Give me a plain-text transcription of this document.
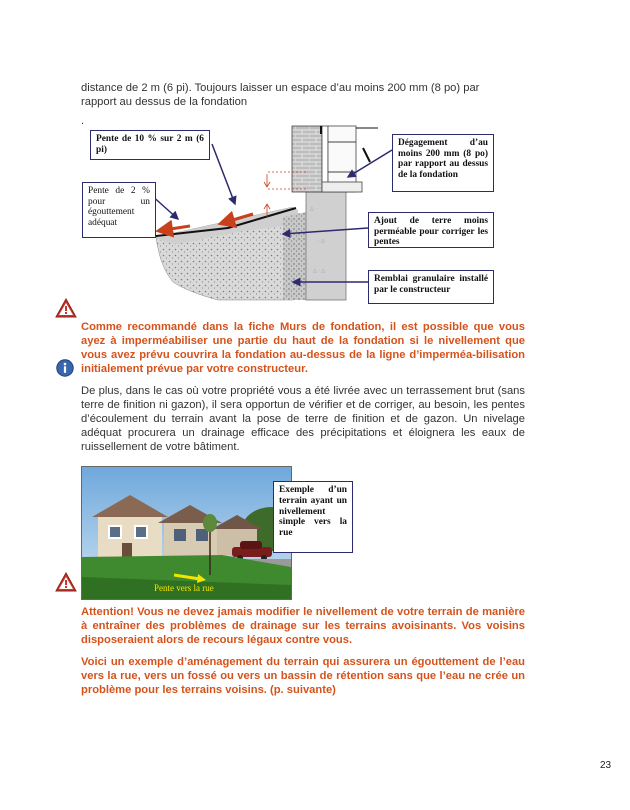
distance de 2 m (6 pi). Toujours laisser un espace d’au moins 200 mm (8 po) par
rapport au dessus de la fondation
.
△ ·
· △
△ · △
Pente de 10 % sur 2 m (6 pi)
Pente de 2 % pour un égouttement adéquat
Dégagement d’au moins 200 mm (8 po) par rapport au dessus de la fondation
Ajout de terre moins perméable pour corriger les pentes
Remblai granulaire installé par le constructeur
Comme recommandé dans la fiche Murs de fondation, il est possible que vous ayez à imperméabiliser une partie du haut de la fondation si le nivellement que vous avez prévu couvrira la fondation au-dessus de la ligne d’imperméa-bilisation initialement prévue par votre constructeur.
De plus, dans le cas où votre propriété vous a été livrée avec un terrassement brut (sans terre de finition ni gazon), il sera opportun de vérifier et de corriger, au besoin, les pentes d’écoulement du terrain avant la pose de terre de finition et de gazon. Un nivelage adéquat procurera un drainage efficace des précipitations et éloignera les eaux de ruissellement de votre bâtiment.
Pente vers la rue
Exemple d’un terrain ayant un nivellement simple vers la rue
Attention! Vous ne devez jamais modifier le nivellement de votre terrain de manière à entraîner des problèmes de drainage sur les terrains avoisinants. Vos voisins disposeraient alors de recours légaux contre vous.
Voici un exemple d’aménagement du terrain qui assurera un égouttement de l’eau vers la rue, vers un fossé ou vers un bassin de rétention sans que l’eau ne crée un problème pour les terrains voisins. (p. suivante)
23
